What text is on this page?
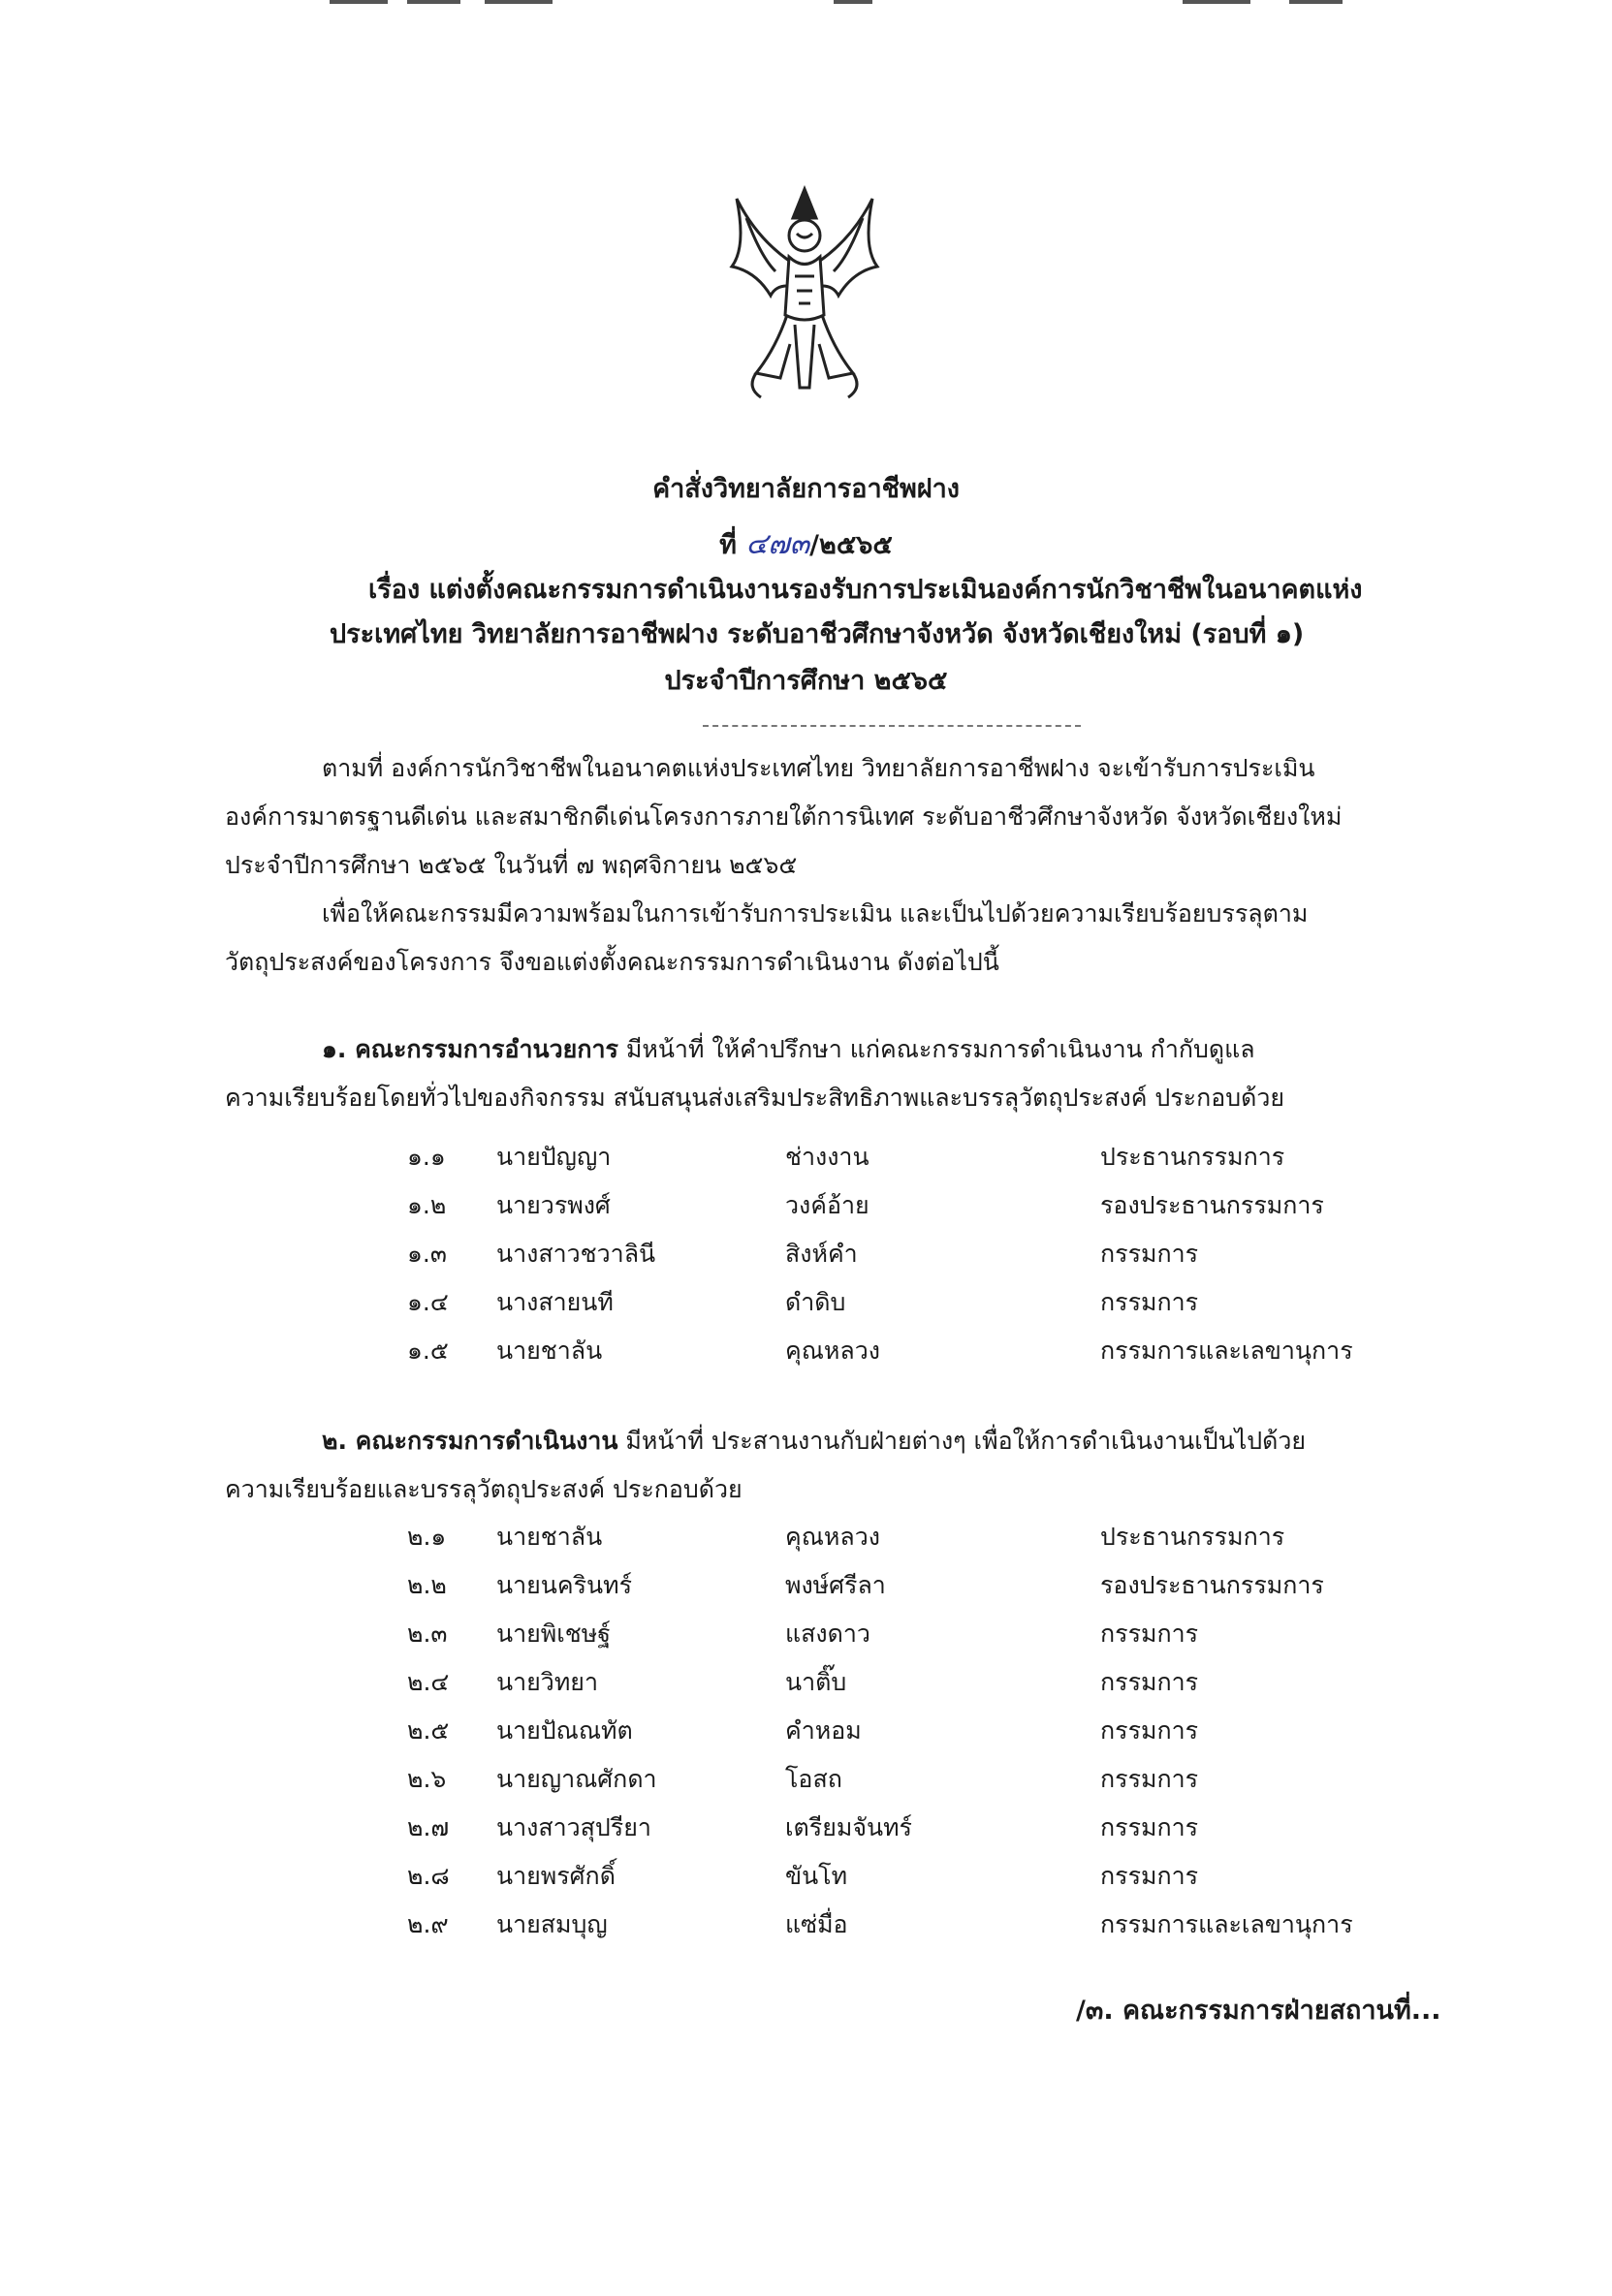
คำสั่งวิทยาลัยการอาชีพฝาง
ที่ ๔๗๓/๒๕๖๕
เรื่อง แต่งตั้งคณะกรรมการดำเนินงานรองรับการประเมินองค์การนักวิชาชีพในอนาคตแห่ง
ประเทศไทย วิทยาลัยการอาชีพฝาง ระดับอาชีวศึกษาจังหวัด จังหวัดเชียงใหม่ (รอบที่ ๑)
ประจำปีการศึกษา ๒๕๖๕
ตามที่ องค์การนักวิชาชีพในอนาคตแห่งประเทศไทย วิทยาลัยการอาชีพฝาง จะเข้ารับการประเมิน
องค์การมาตรฐานดีเด่น และสมาชิกดีเด่นโครงการภายใต้การนิเทศ ระดับอาชีวศึกษาจังหวัด จังหวัดเชียงใหม่
ประจำปีการศึกษา ๒๕๖๕ ในวันที่ ๗ พฤศจิกายน ๒๕๖๕
เพื่อให้คณะกรรมมีความพร้อมในการเข้ารับการประเมิน และเป็นไปด้วยความเรียบร้อยบรรลุตาม
วัตถุประสงค์ของโครงการ จึงขอแต่งตั้งคณะกรรมการดำเนินงาน ดังต่อไปนี้
๑. คณะกรรมการอำนวยการ มีหน้าที่ ให้คำปรึกษา แก่คณะกรรมการดำเนินงาน กำกับดูแล
ความเรียบร้อยโดยทั่วไปของกิจกรรม สนับสนุนส่งเสริมประสิทธิภาพและบรรลุวัตถุประสงค์ ประกอบด้วย
๑.๑ นายปัญญา	ช่างงาน	ประธานกรรมการ
๑.๒ นายวรพงศ์	วงค์อ้าย	รองประธานกรรมการ
๑.๓ นางสาวชวาลินี	สิงห์คำ	กรรมการ
๑.๔ นางสายนที	ดำดิบ	กรรมการ
๑.๕ นายชาลัน	คุณหลวง	กรรมการและเลขานุการ
๒. คณะกรรมการดำเนินงาน มีหน้าที่ ประสานงานกับฝ่ายต่างๆ เพื่อให้การดำเนินงานเป็นไปด้วย
ความเรียบร้อยและบรรลุวัตถุประสงค์ ประกอบด้วย
๒.๑ นายชาลัน	คุณหลวง	ประธานกรรมการ
๒.๒ นายนครินทร์	พงษ์ศรีลา	รองประธานกรรมการ
๒.๓ นายพิเชษฐ์	แสงดาว	กรรมการ
๒.๔ นายวิทยา	นาติ๊บ	กรรมการ
๒.๕ นายปัณณทัต	คำหอม	กรรมการ
๒.๖ นายญาณศักดา	โอสถ	กรรมการ
๒.๗ นางสาวสุปรียา	เตรียมจันทร์	กรรมการ
๒.๘ นายพรศักดิ์	ขันโท	กรรมการ
๒.๙ นายสมบุญ	แซ่มื่อ	กรรมการและเลขานุการ
/๓. คณะกรรมการฝ่ายสถานที่...
